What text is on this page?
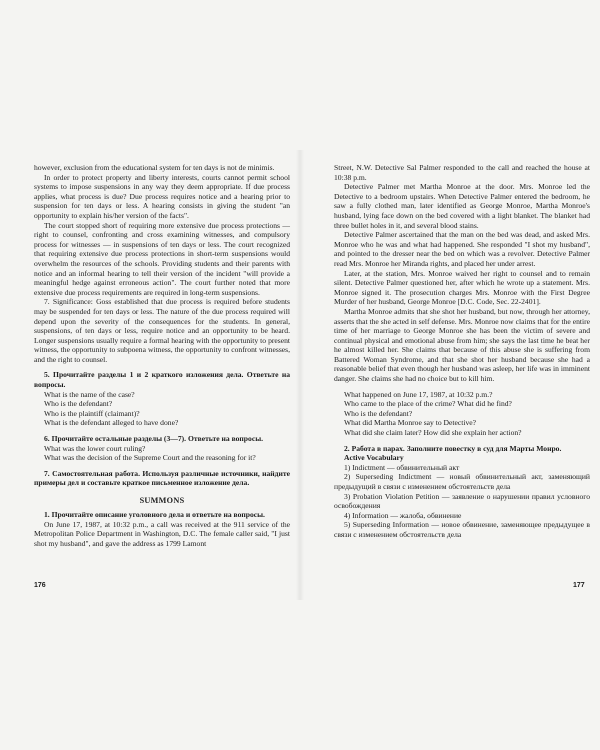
however, exclusion from the educational system for ten days is not de minimis.

In order to protect property and liberty interests, courts cannot permit school systems to impose suspensions in any way they deem appropriate. If due process applies, what process is due? Due process requires notice and a hearing prior to suspension for ten days or less. A hearing consists in giving the student "an opportunity to explain his/her version of the facts".

The court stopped short of requiring more extensive due process protections — right to counsel, confronting and cross examining witnesses, and compulsory process for witnesses — in suspensions of ten days or less. The court recognized that requiring extensive due process protections in short-term suspensions would overwhelm the resources of the schools. Providing students and their parents with notice and an informal hearing to tell their version of the incident "will provide a meaningful hedge against erroneous action". The court further noted that more extensive due process requirements are required in long-term suspensions.

7. Significance: Goss established that due process is required before students may be suspended for ten days or less. The nature of the due process required will depend upon the severity of the consequences for the students. In general, suspensions, of ten days or less, require notice and an opportunity to be heard. Longer suspensions usually require a formal hearing with the opportunity to present witness, the opportunity to subpoena witness, the opportunity to confront witnesses, and the right to counsel.

5. Прочитайте разделы 1 и 2 краткого изложения дела. Ответьте на вопросы.

What is the name of the case?
Who is the defendant?
Who is the plaintiff (claimant)?
What is the defendant alleged to have done?

6. Прочитайте остальные разделы (3—7). Ответьте на вопросы.

What was the lower court ruling?
What was the decision of the Supreme Court and the reasoning for it?

7. Самостоятельная работа. Используя различные источники, найдите примеры дел и составьте краткое письменное изложение дела.

SUMMONS

1. Прочитайте описание уголовного дела и ответьте на вопросы.

On June 17, 1987, at 10:32 p.m., a call was received at the 911 service of the Metropolitan Police Department in Washington, D.C. The female caller said, "I just shot my husband", and gave the address as 1799 Lamont

176

Street, N.W. Detective Sal Palmer responded to the call and reached the house at 10:38 p.m.

Detective Palmer met Martha Monroe at the door. Mrs. Monroe led the Detective to a bedroom upstairs. When Detective Palmer entered the bedroom, he saw a fully clothed man, later identified as George Monroe, Martha Monroe's husband, lying face down on the bed covered with a light blanket. The blanket had three bullet holes in it, and several blood stains.

Detective Palmer ascertained that the man on the bed was dead, and asked Mrs. Monroe who he was and what had happened. She responded "I shot my husband", and pointed to the dresser near the bed on which was a revolver. Detective Palmer read Mrs. Monroe her Miranda rights, and placed her under arrest.

Later, at the station, Mrs. Monroe waived her right to counsel and to remain silent. Detective Palmer questioned her, after which he wrote up a statement. Mrs. Monroe signed it. The prosecution charges Mrs. Monroe with the First Degree Murder of her husband, George Monroe [D.C. Code, Sec. 22-2401].

Martha Monroe admits that she shot her husband, but now, through her attorney, asserts that the she acted in self defense. Mrs. Monroe now claims that for the entire time of her marriage to George Monroe she has been the victim of severe and continual physical and emotional abuse from him; she says the last time he beat her he almost killed her. She claims that because of this abuse she is suffering from Battered Woman Syndrome, and that she shot her husband because she had a reasonable belief that even though her husband was asleep, her life was in imminent danger. She claims she had no choice but to kill him.

What happened on June 17, 1987, at 10:32 p.m.?
Who came to the place of the crime? What did he find?
Who is the defendant?
What did Martha Monroe say to Detective?
What did she claim later? How did she explain her action?

2. Работа в парах. Заполните повестку в суд для Марты Монро.

Active Vocabulary

1) Indictment — обвинительный акт

2) Superseding Indictment — новый обвинительный акт, заменяющий предыдущий в связи с изменением обстоятельств дела

3) Probation Violation Petition — заявление о нарушении правил условного освобождения

4) Information — жалоба, обвинение

5) Superseding Information — новое обвинение, заменяющее предыдущее в связи с изменением обстоятельств дела

177
